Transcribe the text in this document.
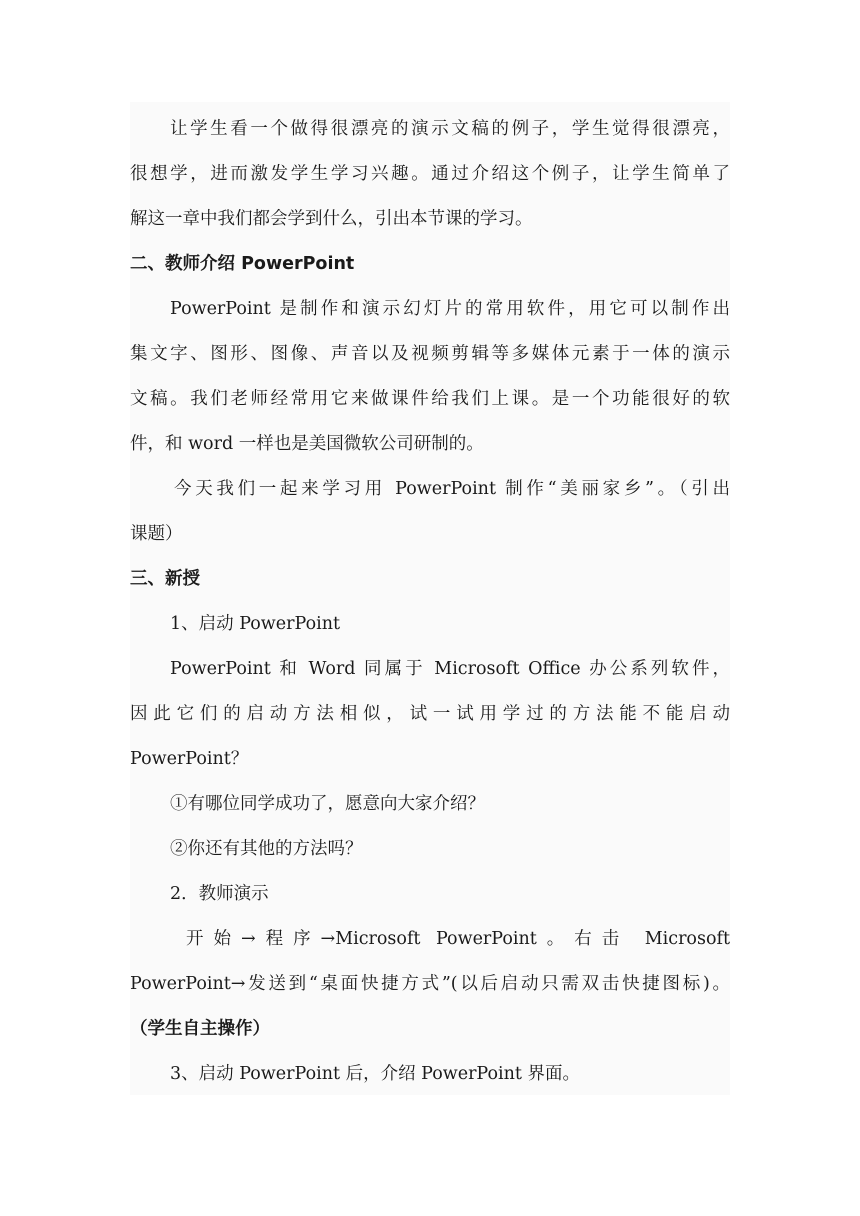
让学生看一个做得很漂亮的演示文稿的例子，学生觉得很漂亮，
很想学，进而激发学生学习兴趣。通过介绍这个例子，让学生简单了
解这一章中我们都会学到什么，引出本节课的学习。
二、教师介绍 PowerPoint
PowerPoint 是制作和演示幻灯片的常用软件，用它可以制作出
集文字、图形、图像、声音以及视频剪辑等多媒体元素于一体的演示
文稿。我们老师经常用它来做课件给我们上课。是一个功能很好的软
件，和 word 一样也是美国微软公司研制的。
今天我们一起来学习用 PowerPoint 制作“美丽家乡”。（引出
课题）
三、新授
1、启动 PowerPoint
PowerPoint 和 Word 同属于 Microsoft Office 办公系列软件，
因此它们的启动方法相似，试一试用学过的方法能不能启动
PowerPoint？
①有哪位同学成功了，愿意向大家介绍？
②你还有其他的方法吗？
2．教师演示
开始→程序→Microsoft PowerPoint。右击 Microsoft
PowerPoint→发送到“桌面快捷方式”(以后启动只需双击快捷图标)。
（学生自主操作）
3、启动 PowerPoint 后，介绍 PowerPoint 界面。
